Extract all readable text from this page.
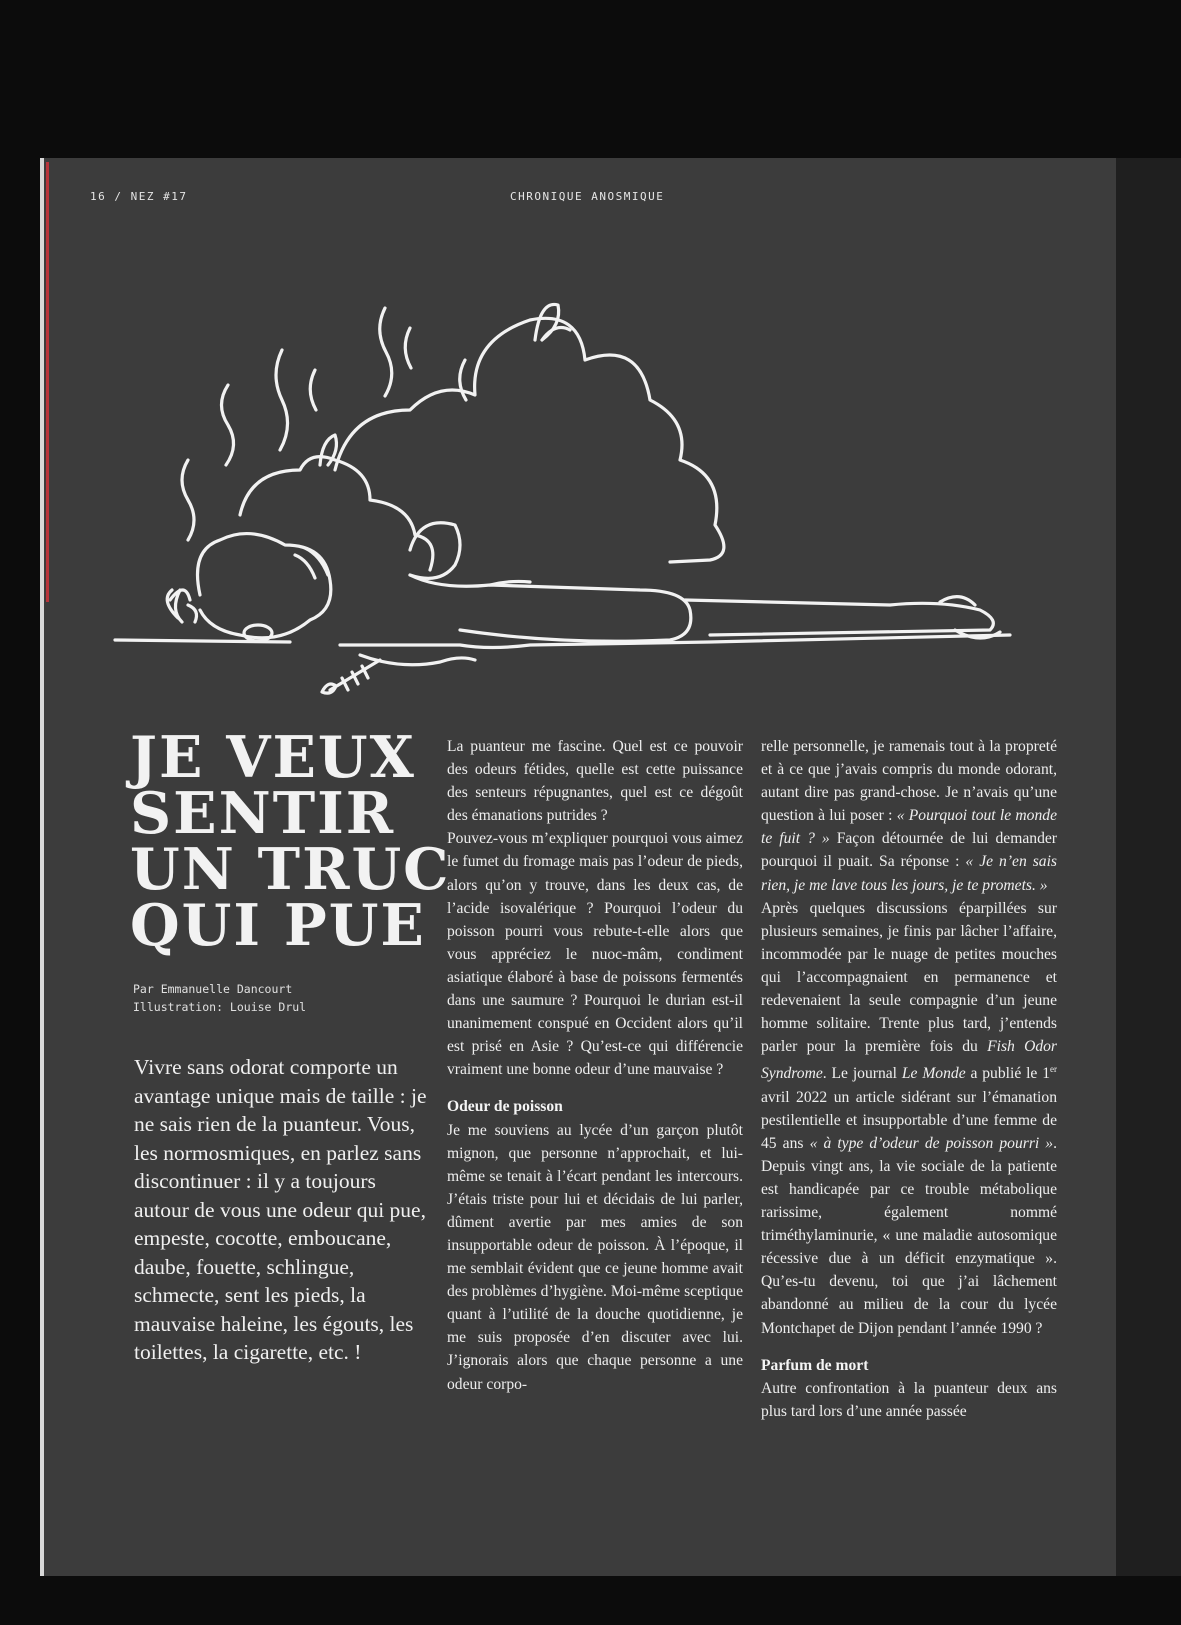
16 / NEZ #17	CHRONIQUE ANOSMIQUE
JE VEUX
SENTIR
UN TRUC
QUI PUE
Par Emmanuelle Dancourt
Illustration: Louise Drul
Vivre sans odorat comporte un avantage unique mais de taille : je ne sais rien de la puanteur. Vous, les normosmiques, en parlez sans discontinuer : il y a toujours autour de vous une odeur qui pue, empeste, cocotte, emboucane, daube, fouette, schlingue, schmecte, sent les pieds, la mauvaise haleine, les égouts, les toilettes, la cigarette, etc. !

La puanteur me fascine. Quel est ce pouvoir des odeurs fétides, quelle est cette puissance des senteurs répugnantes, quel est ce dégoût des émanations putrides ?

Pouvez-vous m’expliquer pourquoi vous aimez le fumet du fromage mais pas l’odeur de pieds, alors qu’on y trouve, dans les deux cas, de l’acide isovalérique ? Pourquoi l’odeur du poisson pourri vous rebute-t-elle alors que vous appréciez le nuoc-mâm, condiment asiatique élaboré à base de poissons fermentés dans une saumure ? Pourquoi le durian est-il unanimement conspué en Occident alors qu’il est prisé en Asie ? Qu’est-ce qui différencie vraiment une bonne odeur d’une mauvaise ?

Odeur de poisson

Je me souviens au lycée d’un garçon plutôt mignon, que personne n’approchait, et lui-même se tenait à l’écart pendant les intercours. J’étais triste pour lui et décidais de lui parler, dûment avertie par mes amies de son insupportable odeur de poisson. À l’époque, il me semblait évident que ce jeune homme avait des problèmes d’hygiène. Moi-même sceptique quant à l’utilité de la douche quotidienne, je me suis proposée d’en discuter avec lui. J’ignorais alors que chaque personne a une odeur corpo-

relle personnelle, je ramenais tout à la propreté et à ce que j’avais compris du monde odorant, autant dire pas grand-chose. Je n’avais qu’une question à lui poser : « Pourquoi tout le monde te fuit ? » Façon détournée de lui demander pourquoi il puait. Sa réponse : « Je n’en sais rien, je me lave tous les jours, je te promets. »

Après quelques discussions éparpillées sur plusieurs semaines, je finis par lâcher l’affaire, incommodée par le nuage de petites mouches qui l’accompagnaient en permanence et redevenaient la seule compagnie d’un jeune homme solitaire. Trente plus tard, j’entends parler pour la première fois du Fish Odor Syndrome. Le journal Le Monde a publié le 1er avril 2022 un article sidérant sur l’émanation pestilentielle et insupportable d’une femme de 45 ans « à type d’odeur de poisson pourri ». Depuis vingt ans, la vie sociale de la patiente est handicapée par ce trouble métabolique rarissime, également nommé triméthylaminurie, « une maladie autosomique récessive due à un déficit enzymatique ». Qu’es-tu devenu, toi que j’ai lâchement abandonné au milieu de la cour du lycée Montchapet de Dijon pendant l’année 1990 ?

Parfum de mort

Autre confrontation à la puanteur deux ans plus tard lors d’une année passée
